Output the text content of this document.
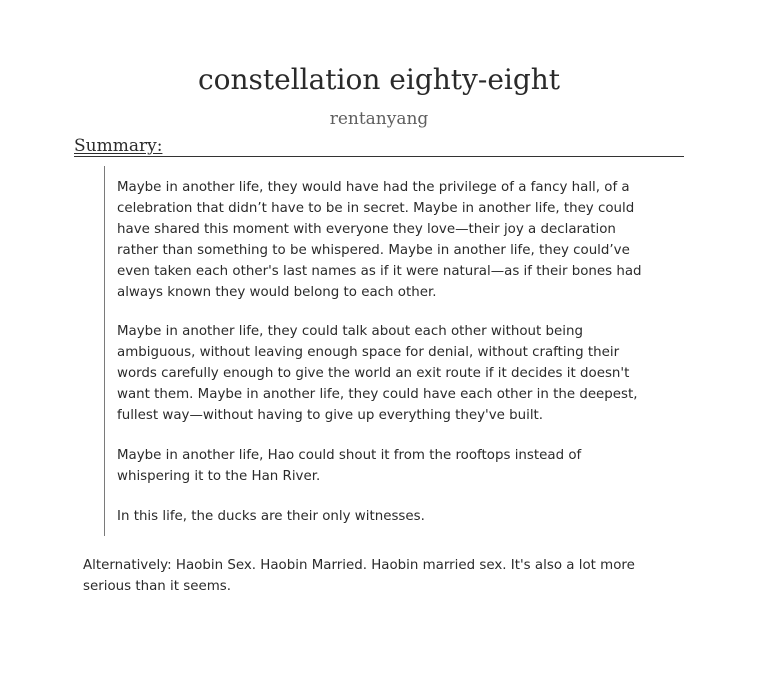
constellation eighty-eight
rentanyang
Summary:

Maybe in another life, they would have had the privilege of a fancy hall, of a celebration that didn’t have to be in secret. Maybe in another life, they could have shared this moment with everyone they love—their joy a declaration rather than something to be whispered. Maybe in another life, they could’ve even taken each other's last names as if it were natural—as if their bones had always known they would belong to each other.

Maybe in another life, they could talk about each other without being ambiguous, without leaving enough space for denial, without crafting their words carefully enough to give the world an exit route if it decides it doesn't want them. Maybe in another life, they could have each other in the deepest, fullest way—without having to give up everything they've built.

Maybe in another life, Hao could shout it from the rooftops instead of whispering it to the Han River.

In this life, the ducks are their only witnesses.

Alternatively: Haobin Sex. Haobin Married. Haobin married sex. It's also a lot more serious than it seems.
